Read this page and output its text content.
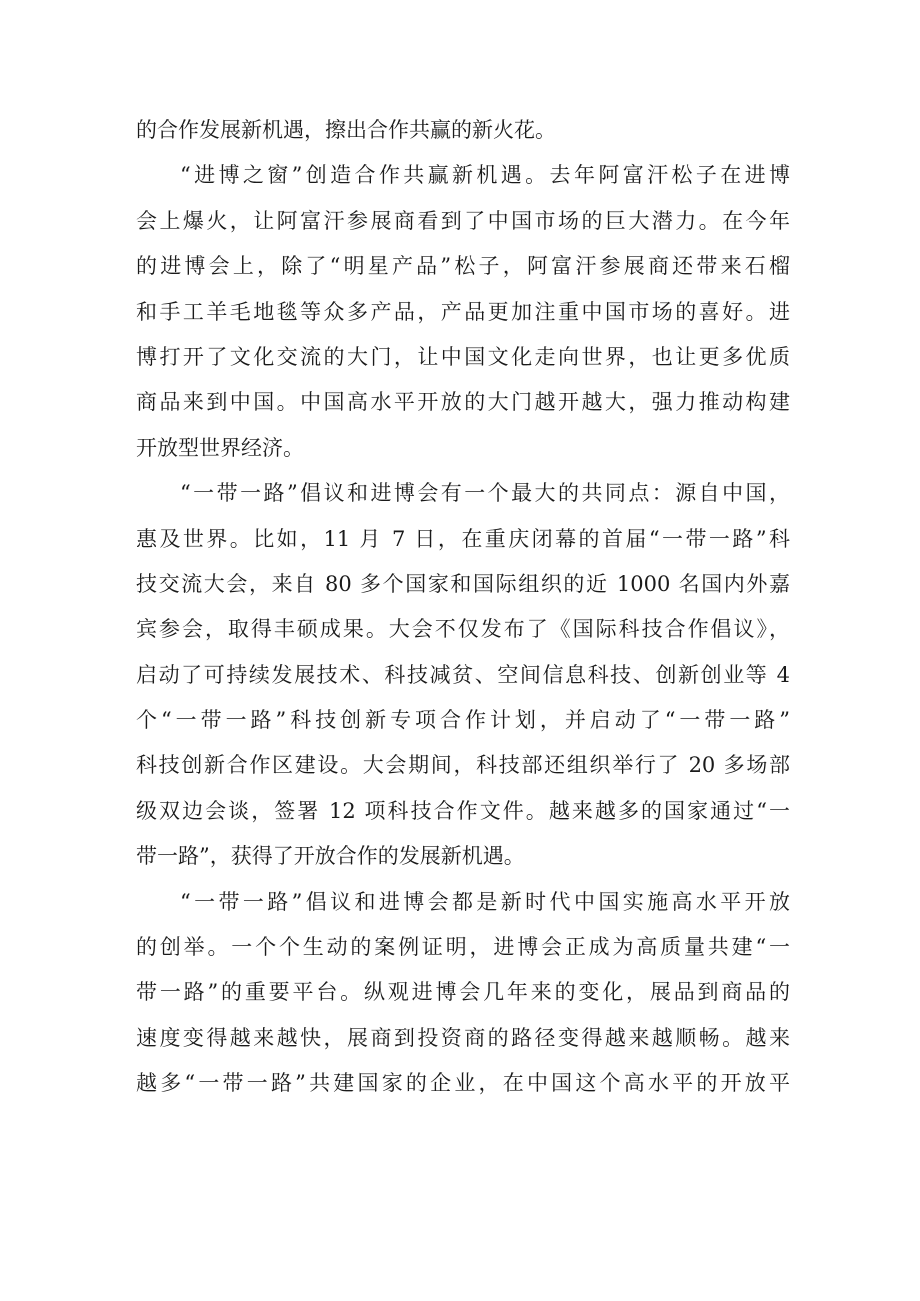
的合作发展新机遇，擦出合作共赢的新火花。
“进博之窗”创造合作共赢新机遇。去年阿富汗松子在进博
会上爆火，让阿富汗参展商看到了中国市场的巨大潜力。在今年
的进博会上，除了“明星产品”松子，阿富汗参展商还带来石榴
和手工羊毛地毯等众多产品，产品更加注重中国市场的喜好。进
博打开了文化交流的大门，让中国文化走向世界，也让更多优质
商品来到中国。中国高水平开放的大门越开越大，强力推动构建
开放型世界经济。
“一带一路”倡议和进博会有一个最大的共同点：源自中国，
惠及世界。比如，11 月 7 日，在重庆闭幕的首届“一带一路”科
技交流大会，来自 80 多个国家和国际组织的近 1000 名国内外嘉
宾参会，取得丰硕成果。大会不仅发布了《国际科技合作倡议》，
启动了可持续发展技术、科技减贫、空间信息科技、创新创业等 4
个“一带一路”科技创新专项合作计划，并启动了“一带一路”
科技创新合作区建设。大会期间，科技部还组织举行了 20 多场部
级双边会谈，签署 12 项科技合作文件。越来越多的国家通过“一
带一路”，获得了开放合作的发展新机遇。
“一带一路”倡议和进博会都是新时代中国实施高水平开放
的创举。一个个生动的案例证明，进博会正成为高质量共建“一
带一路”的重要平台。纵观进博会几年来的变化，展品到商品的
速度变得越来越快，展商到投资商的路径变得越来越顺畅。越来
越多“一带一路”共建国家的企业，在中国这个高水平的开放平
